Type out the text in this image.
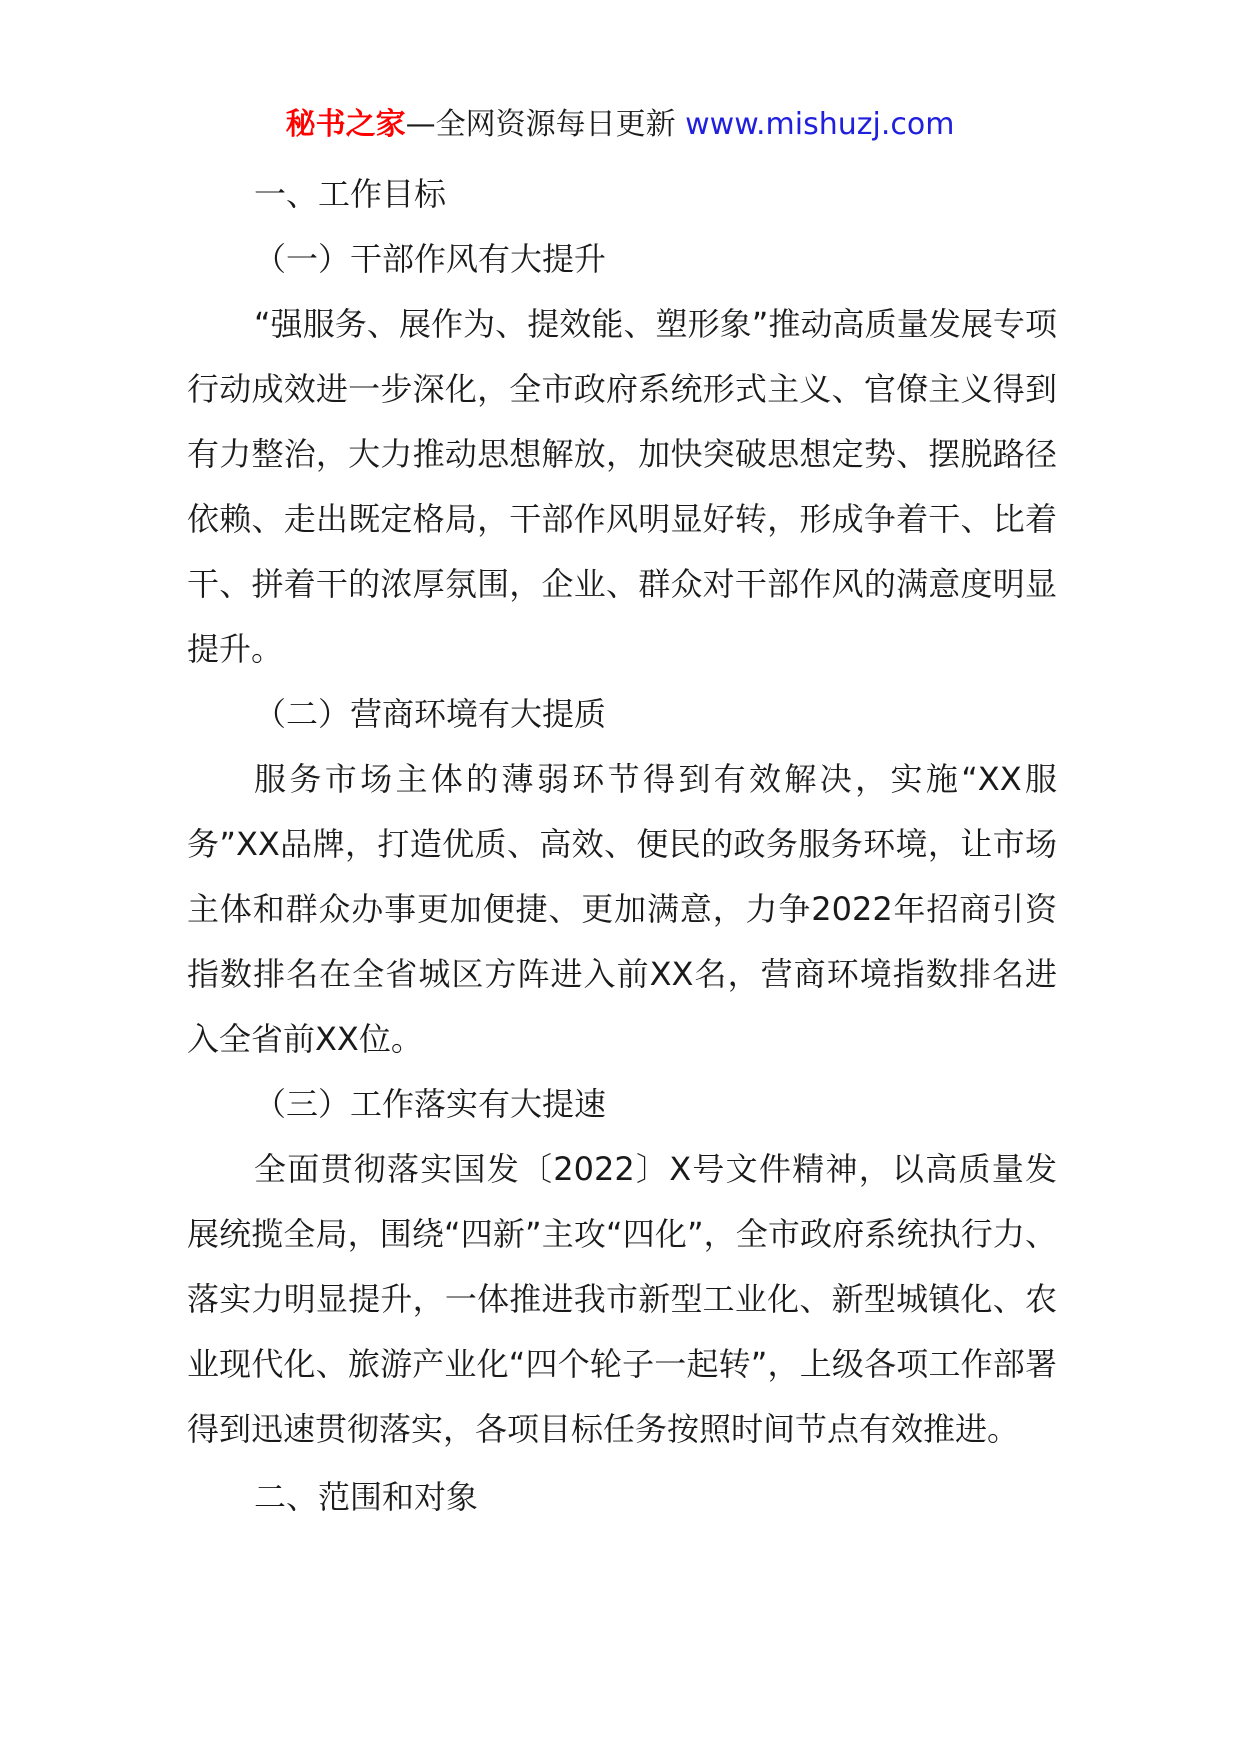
秘书之家—全网资源每日更新 www.mishuzj.com
一、工作目标
（一）干部作风有大提升

“强服务、展作为、提效能、塑形象”推动高质量发展专项行动成效进一步深化，全市政府系统形式主义、官僚主义得到有力整治，大力推动思想解放，加快突破思想定势、摆脱路径依赖、走出既定格局，干部作风明显好转，形成争着干、比着干、拼着干的浓厚氛围，企业、群众对干部作风的满意度明显提升。

（二）营商环境有大提质

服务市场主体的薄弱环节得到有效解决，实施“XX服务”XX品牌，打造优质、高效、便民的政务服务环境，让市场主体和群众办事更加便捷、更加满意，力争2022年招商引资指数排名在全省城区方阵进入前XX名，营商环境指数排名进入全省前XX位。

（三）工作落实有大提速

全面贯彻落实国发〔2022〕X号文件精神，以高质量发展统揽全局，围绕“四新”主攻“四化”，全市政府系统执行力、落实力明显提升，一体推进我市新型工业化、新型城镇化、农业现代化、旅游产业化“四个轮子一起转”，上级各项工作部署得到迅速贯彻落实，各项目标任务按照时间节点有效推进。

二、范围和对象
